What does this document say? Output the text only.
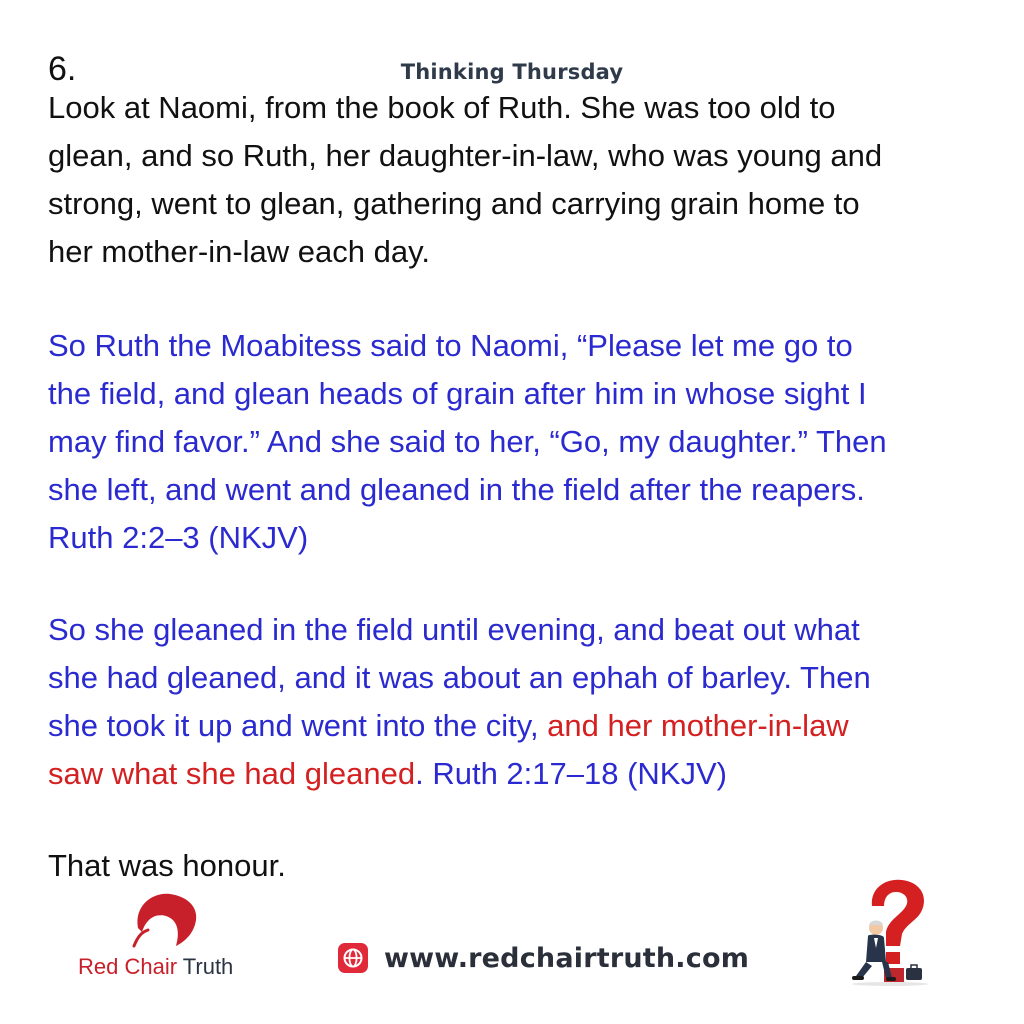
6.	Thinking Thursday
Look at Naomi, from the book of Ruth. She was too old to
glean, and so Ruth, her daughter-in-law, who was young and
strong, went to glean, gathering and carrying grain home to
her mother-in-law each day.
So Ruth the Moabitess said to Naomi, “Please let me go to
the field, and glean heads of grain after him in whose sight I
may find favor.” And she said to her, “Go, my daughter.” Then
she left, and went and gleaned in the field after the reapers.
Ruth 2:2–3 (NKJV)
So she gleaned in the field until evening, and beat out what
she had gleaned, and it was about an ephah of barley. Then
she took it up and went into the city, and her mother-in-law
saw what she had gleaned. Ruth 2:17–18 (NKJV)
That was honour.
Red Chair Truth	www.redchairtruth.com
